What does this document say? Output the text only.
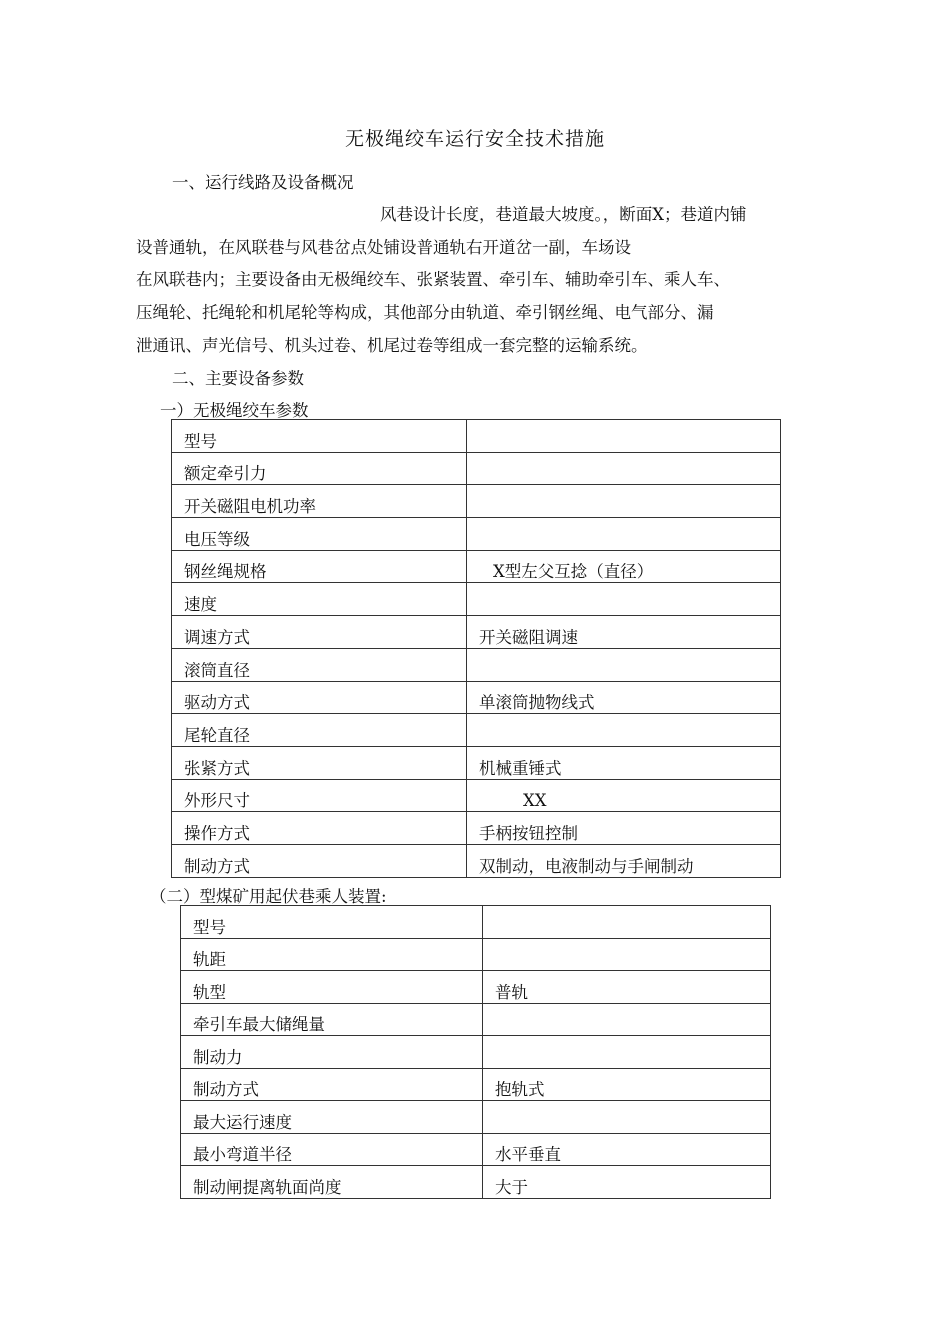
无极绳绞车运行安全技术措施
一、运行线路及设备概况
风巷设计长度，巷道最大坡度。，断面X；巷道内铺
设普通轨，在风联巷与风巷岔点处铺设普通轨右开道岔一副，车场设
在风联巷内；主要设备由无极绳绞车、张紧装置、牵引车、辅助牵引车、乘人车、
压绳轮、托绳轮和机尾轮等构成，其他部分由轨道、牵引钢丝绳、电气部分、漏
泄通讯、声光信号、机头过卷、机尾过卷等组成一套完整的运输系统。
二、主要设备参数
一）无极绳绞车参数
型号	
额定牵引力	
开关磁阻电机功率	
电压等级	
钢丝绳规格	X型左父互捻（直径）
速度	
调速方式	开关磁阻调速
滚筒直径	
驱动方式	单滚筒抛物线式
尾轮直径	
张紧方式	机械重锤式
外形尺寸	XX
操作方式	手柄按钮控制
制动方式	双制动，电液制动与手闸制动
（二）型煤矿用起伏巷乘人装置:
型号	
轨距	
轨型	普轨
牵引车最大储绳量	
制动力	
制动方式	抱轨式
最大运行速度	
最小弯道半径	水平垂直
制动闸提离轨面尚度	大于
